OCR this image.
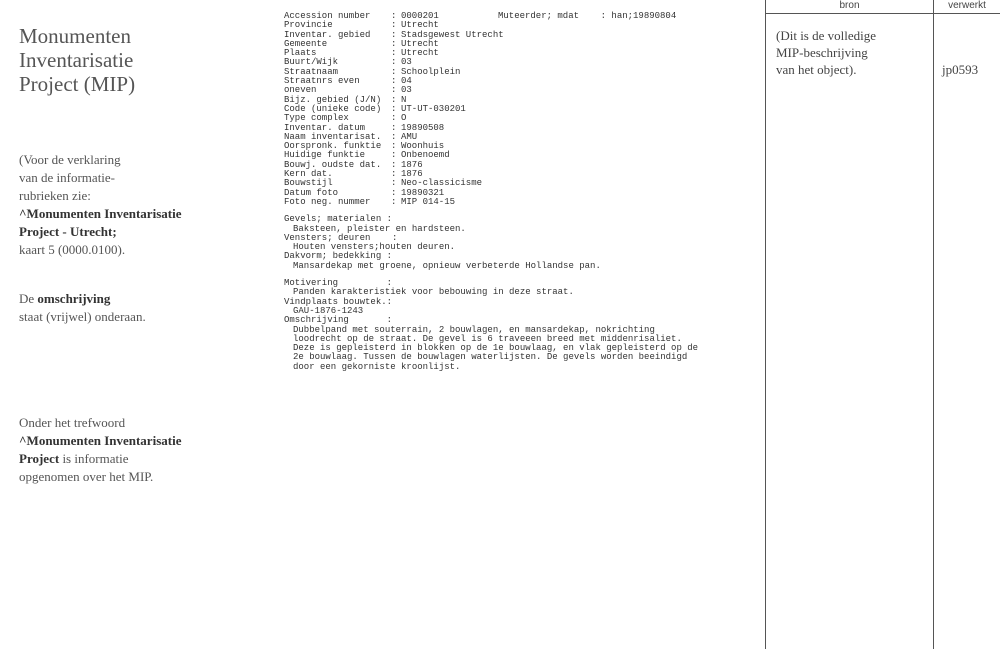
Monumenten
Inventarisatie
Project (MIP)
(Voor de verklaring
van de informatie-
rubrieken zie:
^Monumenten Inventarisatie
Project - Utrecht;
kaart 5 (0000.0100).
De omschrijving
staat (vrijwel) onderaan.
Onder het trefwoord
^Monumenten Inventarisatie
Project is informatie
opgenomen over het MIP.
Accession number	: 0000201	Muteerder; mdat    : han;19890804
Provincie	: Utrecht
Inventar. gebied	: Stadsgewest Utrecht
Gemeente	: Utrecht
Plaats	: Utrecht
Buurt/Wijk	: 03
Straatnaam	: Schoolplein
Straatnrs even	: 04
oneven	: 03
Bijz. gebied (J/N)	: N
Code (unieke code)	: UT-UT-030201
Type complex	: O
Inventar. datum	: 19890508
Naam inventarisat.	: AMU
Oorspronk. funktie	: Woonhuis
Huidige funktie	: Onbenoemd
Bouwj. oudste dat.	: 1876
Kern dat.	: 1876
Bouwstijl	: Neo-classicisme
Datum foto	: 19890321
Foto neg. nummer	: MIP 014-15
Gevels; materialen :
Baksteen, pleister en hardsteen.
Vensters; deuren    :
Houten vensters;houten deuren.
Dakvorm; bedekking :
Mansardekap met groene, opnieuw verbeterde Hollandse pan.
Motivering         :
Panden karakteristiek voor bebouwing in deze straat.
Vindplaats bouwtek.:
GAU-1876-1243
Omschrijving       :
Dubbelpand met souterrain, 2 bouwlagen, en mansardekap, nokrichting
loodrecht op de straat. De gevel is 6 traveeen breed met middenrisaliet.
Deze is gepleisterd in blokken op de 1e bouwlaag, en vlak gepleisterd op de
2e bouwlaag. Tussen de bouwlagen waterlijsten. De gevels worden beeindigd
door een gekorniste kroonlijst.
bron	verwerkt
(Dit is de volledige
MIP-beschrijving
van het object).	jp0593
